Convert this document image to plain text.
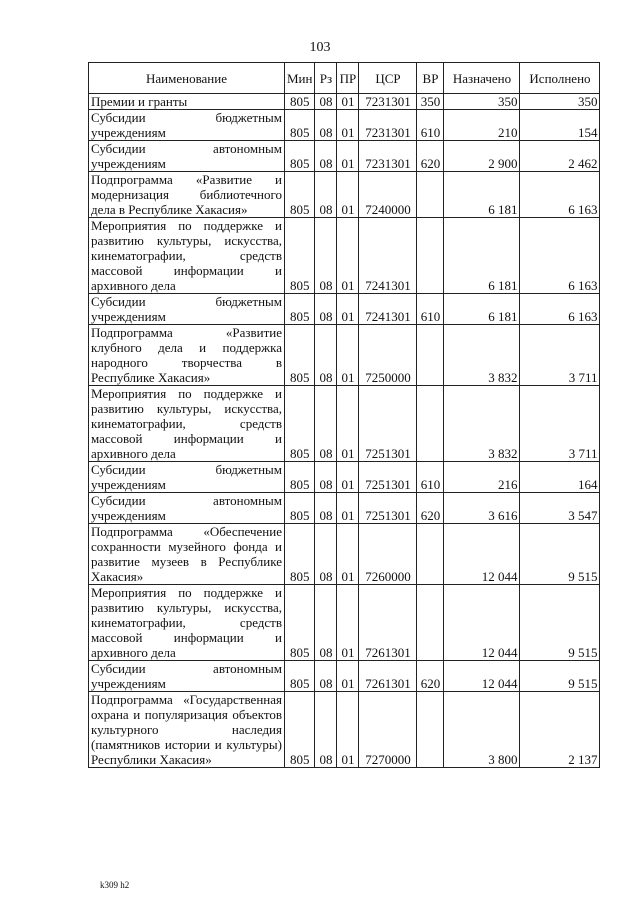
103
Наименование	Мин	Рз	ПР	ЦСР	ВР	Назначено	Исполнено
Премии и гранты	805	08	01	7231301	350	350	350
Субсидии бюджетным учреждениям	805	08	01	7231301	610	210	154
Субсидии автономным учреждениям	805	08	01	7231301	620	2 900	2 462
Подпрограмма «Развитие и модернизация библиотечного дела в Республике Хакасия»	805	08	01	7240000		6 181	6 163
Мероприятия по поддержке и развитию культуры, искусства, кинематографии, средств массовой информации и архивного дела	805	08	01	7241301		6 181	6 163
Субсидии бюджетным учреждениям	805	08	01	7241301	610	6 181	6 163
Подпрограмма «Развитие клубного дела и поддержка народного творчества в Республике Хакасия»	805	08	01	7250000		3 832	3 711
Мероприятия по поддержке и развитию культуры, искусства, кинематографии, средств массовой информации и архивного дела	805	08	01	7251301		3 832	3 711
Субсидии бюджетным учреждениям	805	08	01	7251301	610	216	164
Субсидии автономным учреждениям	805	08	01	7251301	620	3 616	3 547
Подпрограмма «Обеспечение сохранности музейного фонда и развитие музеев в Республике Хакасия»	805	08	01	7260000		12 044	9 515
Мероприятия по поддержке и развитию культуры, искусства, кинематографии, средств массовой информации и архивного дела	805	08	01	7261301		12 044	9 515
Субсидии автономным учреждениям	805	08	01	7261301	620	12 044	9 515
Подпрограмма «Государственная охрана и популяризация объектов культурного наследия (памятников истории и культуры) Республики Хакасия»	805	08	01	7270000		3 800	2 137
k309 h2
